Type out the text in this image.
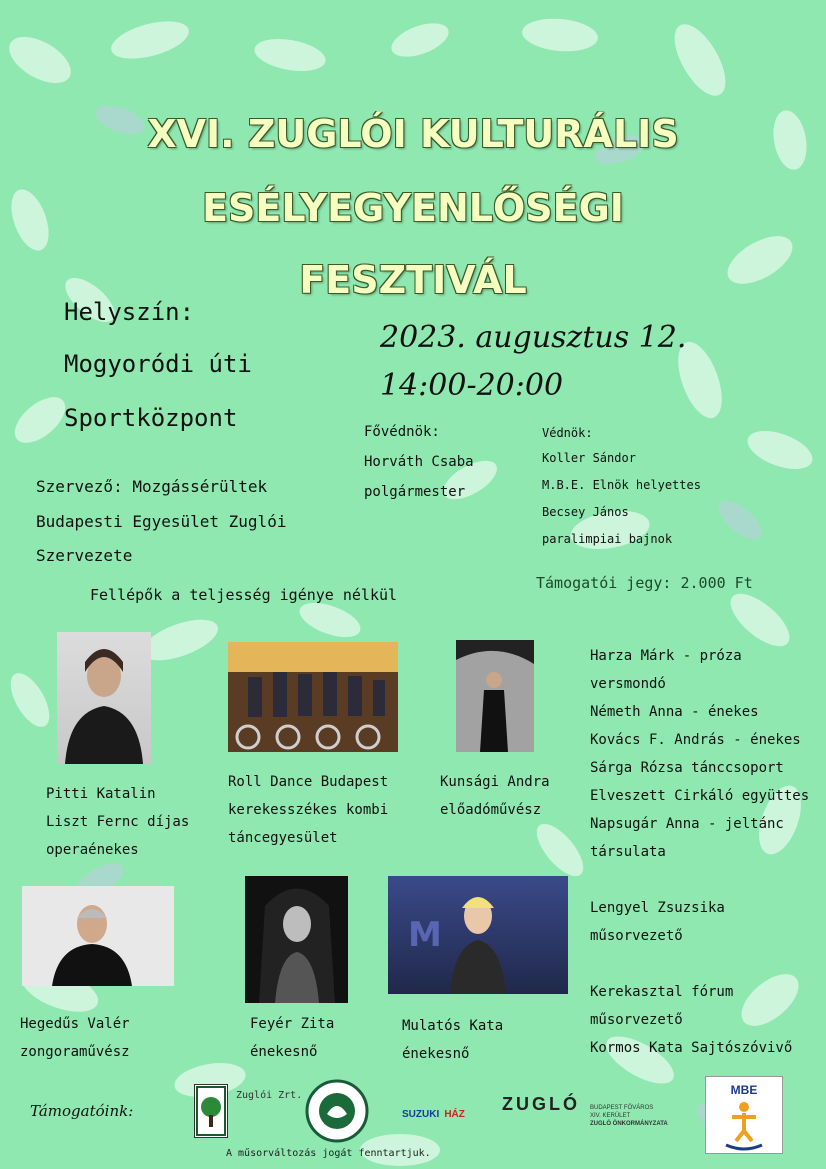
XVI. ZUGLÓI KULTURÁLIS
ESÉLYEGYENLŐSÉGI
FESZTIVÁL
Helyszín:
Mogyoródi úti
Sportközpont
2023. augusztus 12.
14:00-20:00
Fővédnök:
Horváth Csaba
polgármester
Védnök:
Koller Sándor
M.B.E. Elnök helyettes
Becsey János
paralimpiai bajnok
Szervező: Mozgássérültek
Budapesti Egyesület Zuglói
Szervezete
Támogatói jegy: 2.000 Ft
Fellépők a teljesség igénye nélkül
M
Pitti Katalin
Liszt Fernc díjas
operaénekes
Roll Dance Budapest
kerekesszékes kombi
táncegyesület
Kunsági Andra
előadóművész
Hegedűs Valér
zongoraművész
Feyér Zita
énekesnő
Mulatós Kata
énekesnő
Harza Márk - próza
versmondó
Németh Anna - énekes
Kovács F. András - énekes
Sárga Rózsa tánccsoport
Elveszett Cirkáló együttes
Napsugár Anna - jeltánc
társulata
Lengyel Zsuzsika
műsorvezető
Kerekasztal fórum
műsorvezető
Kormos Kata Sajtószóvivő
Támogatóink:
Zuglói Zrt.
SUZUKI HÁZ
ZUGLÓ BUDAPEST FŐVÁROS
XIV. KERÜLET
ZUGLÓ ÖNKORMÁNYZATA
MBE
A műsorváltozás jogát fenntartjuk.
